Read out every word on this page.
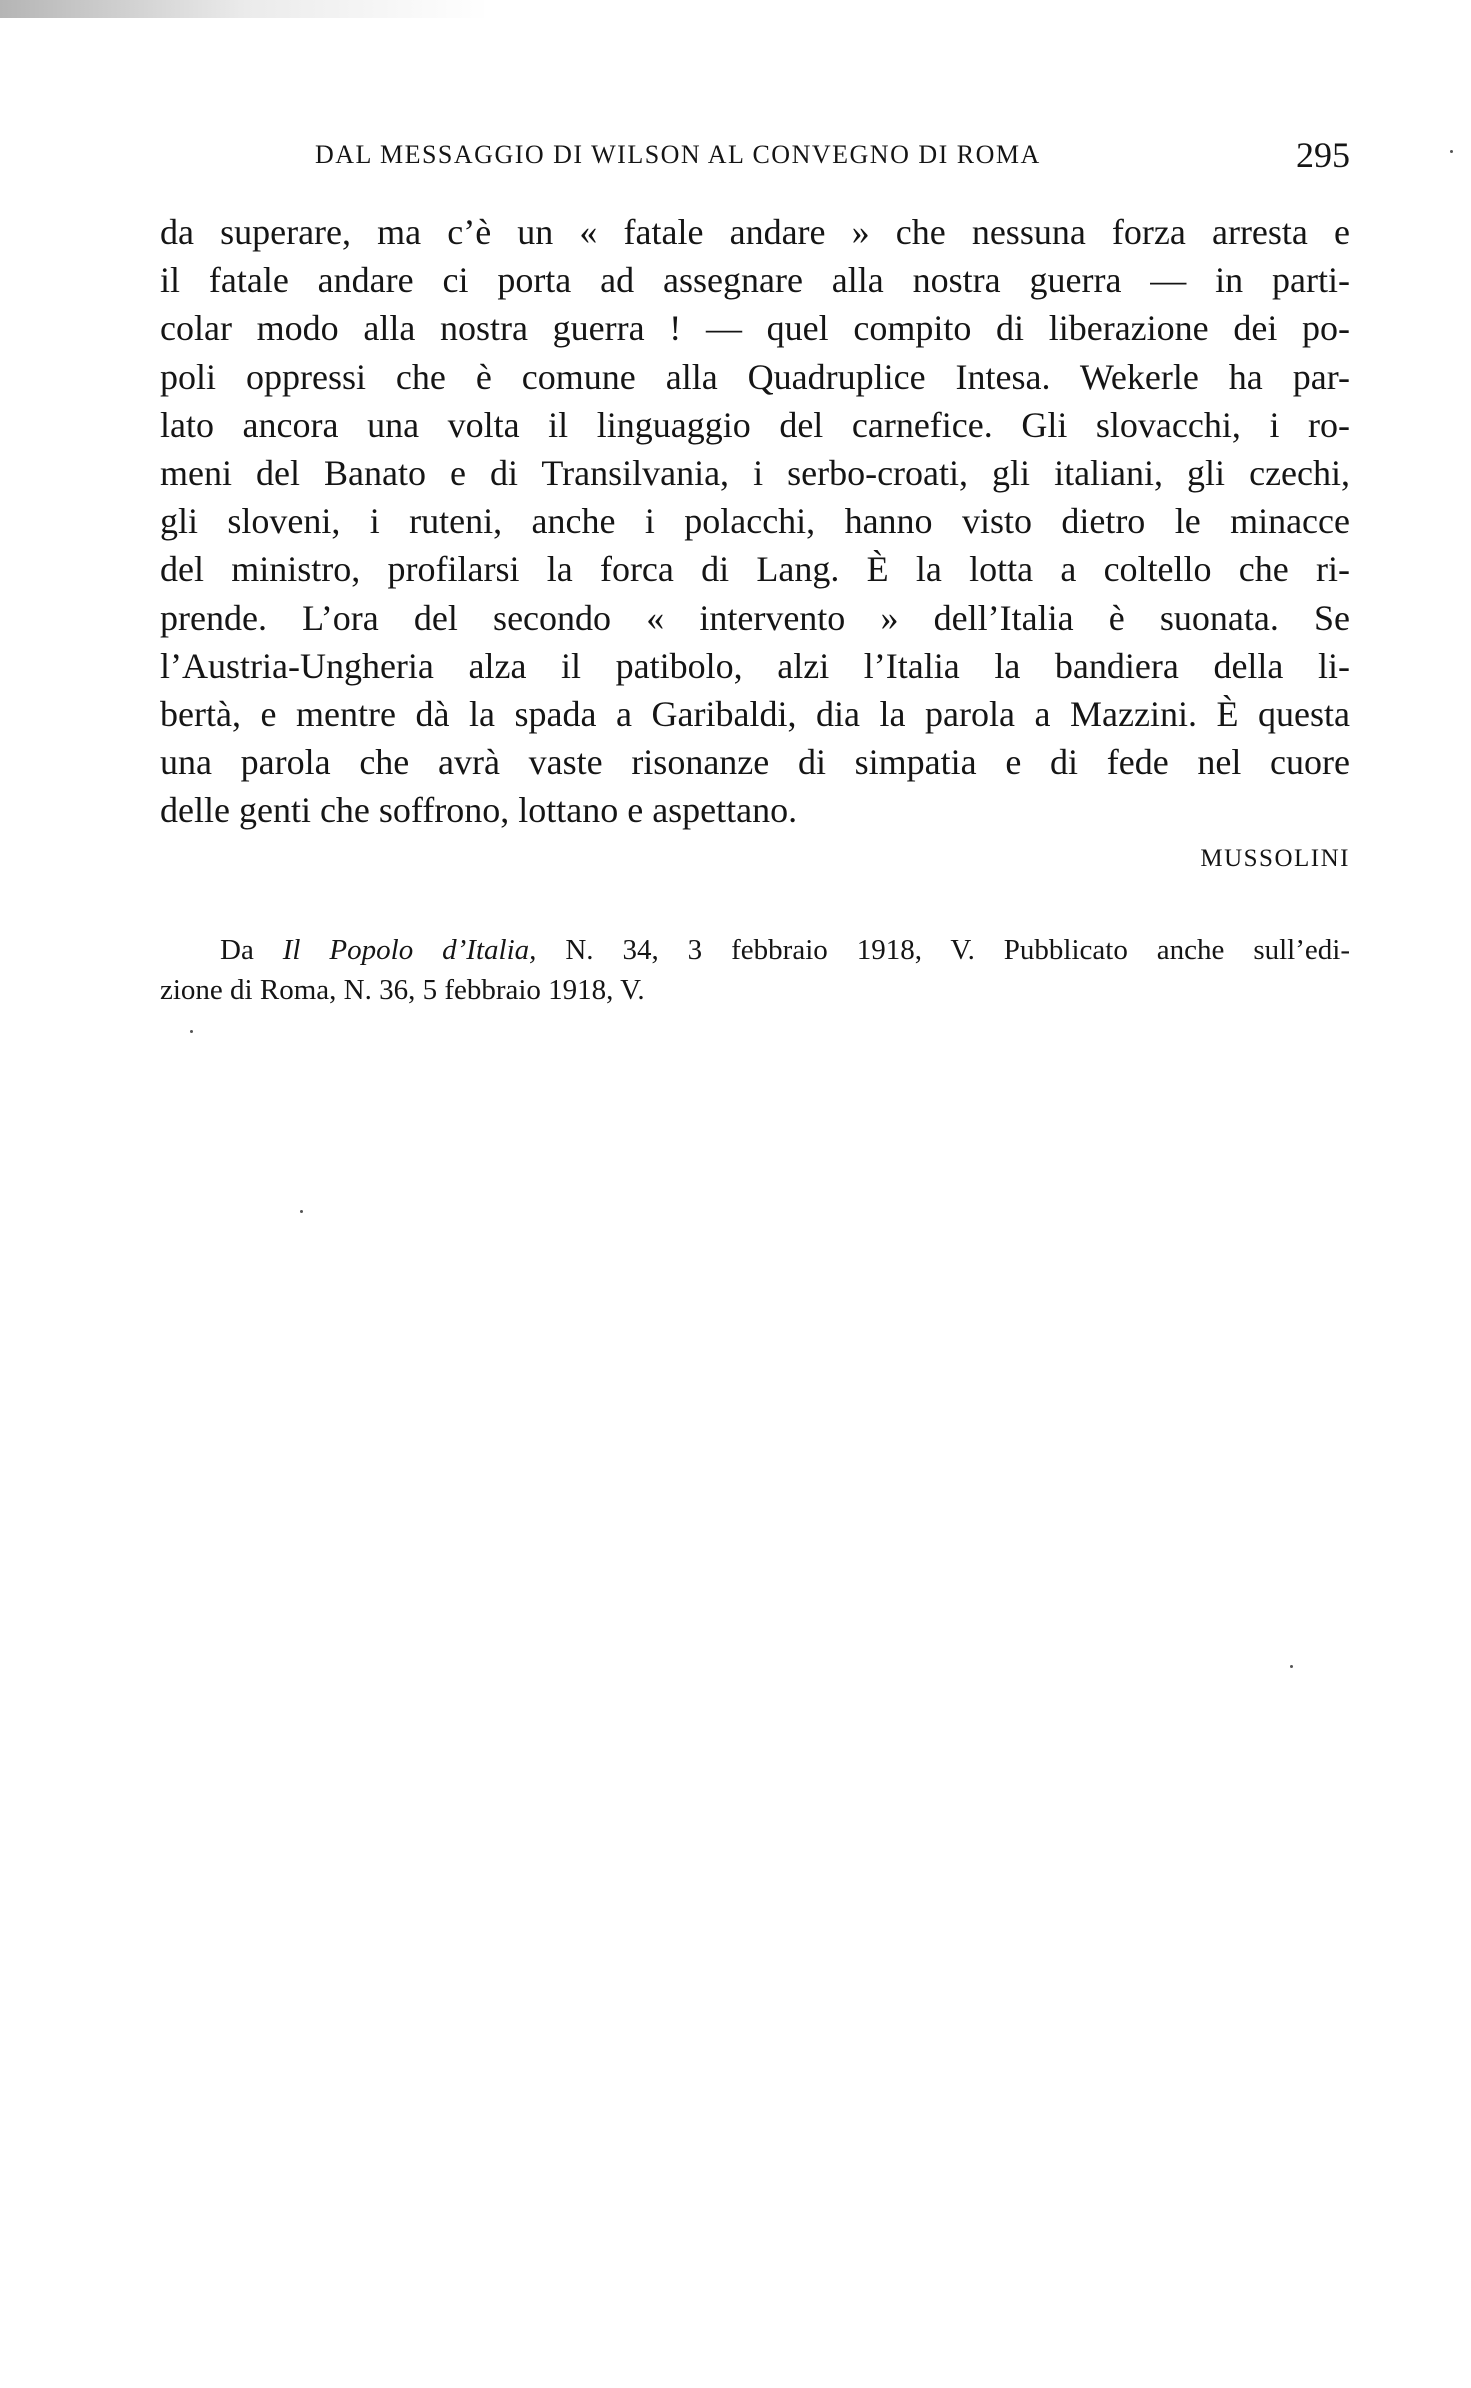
DAL MESSAGGIO DI WILSON AL CONVEGNO DI ROMA	295
da superare, ma c’è un « fatale andare » che nessuna forza arresta e
il fatale andare ci porta ad assegnare alla nostra guerra — in parti-
colar modo alla nostra guerra ! — quel compito di liberazione dei po-
poli oppressi che è comune alla Quadruplice Intesa. Wekerle ha par-
lato ancora una volta il linguaggio del carnefice. Gli slovacchi, i ro-
meni del Banato e di Transilvania, i serbo-croati, gli italiani, gli czechi,
gli sloveni, i ruteni, anche i polacchi, hanno visto dietro le minacce
del ministro, profilarsi la forca di Lang. È la lotta a coltello che ri-
prende. L’ora del secondo « intervento » dell’Italia è suonata. Se
l’Austria-Ungheria alza il patibolo, alzi l’Italia la bandiera della li-
bertà, e mentre dà la spada a Garibaldi, dia la parola a Mazzini. È questa
una parola che avrà vaste risonanze di simpatia e di fede nel cuore
delle genti che soffrono, lottano e aspettano.
MUSSOLINI
Da Il Popolo d’Italia, N. 34, 3 febbraio 1918, V. Pubblicato anche sull’edi-
zione di Roma, N. 36, 5 febbraio 1918, V.
